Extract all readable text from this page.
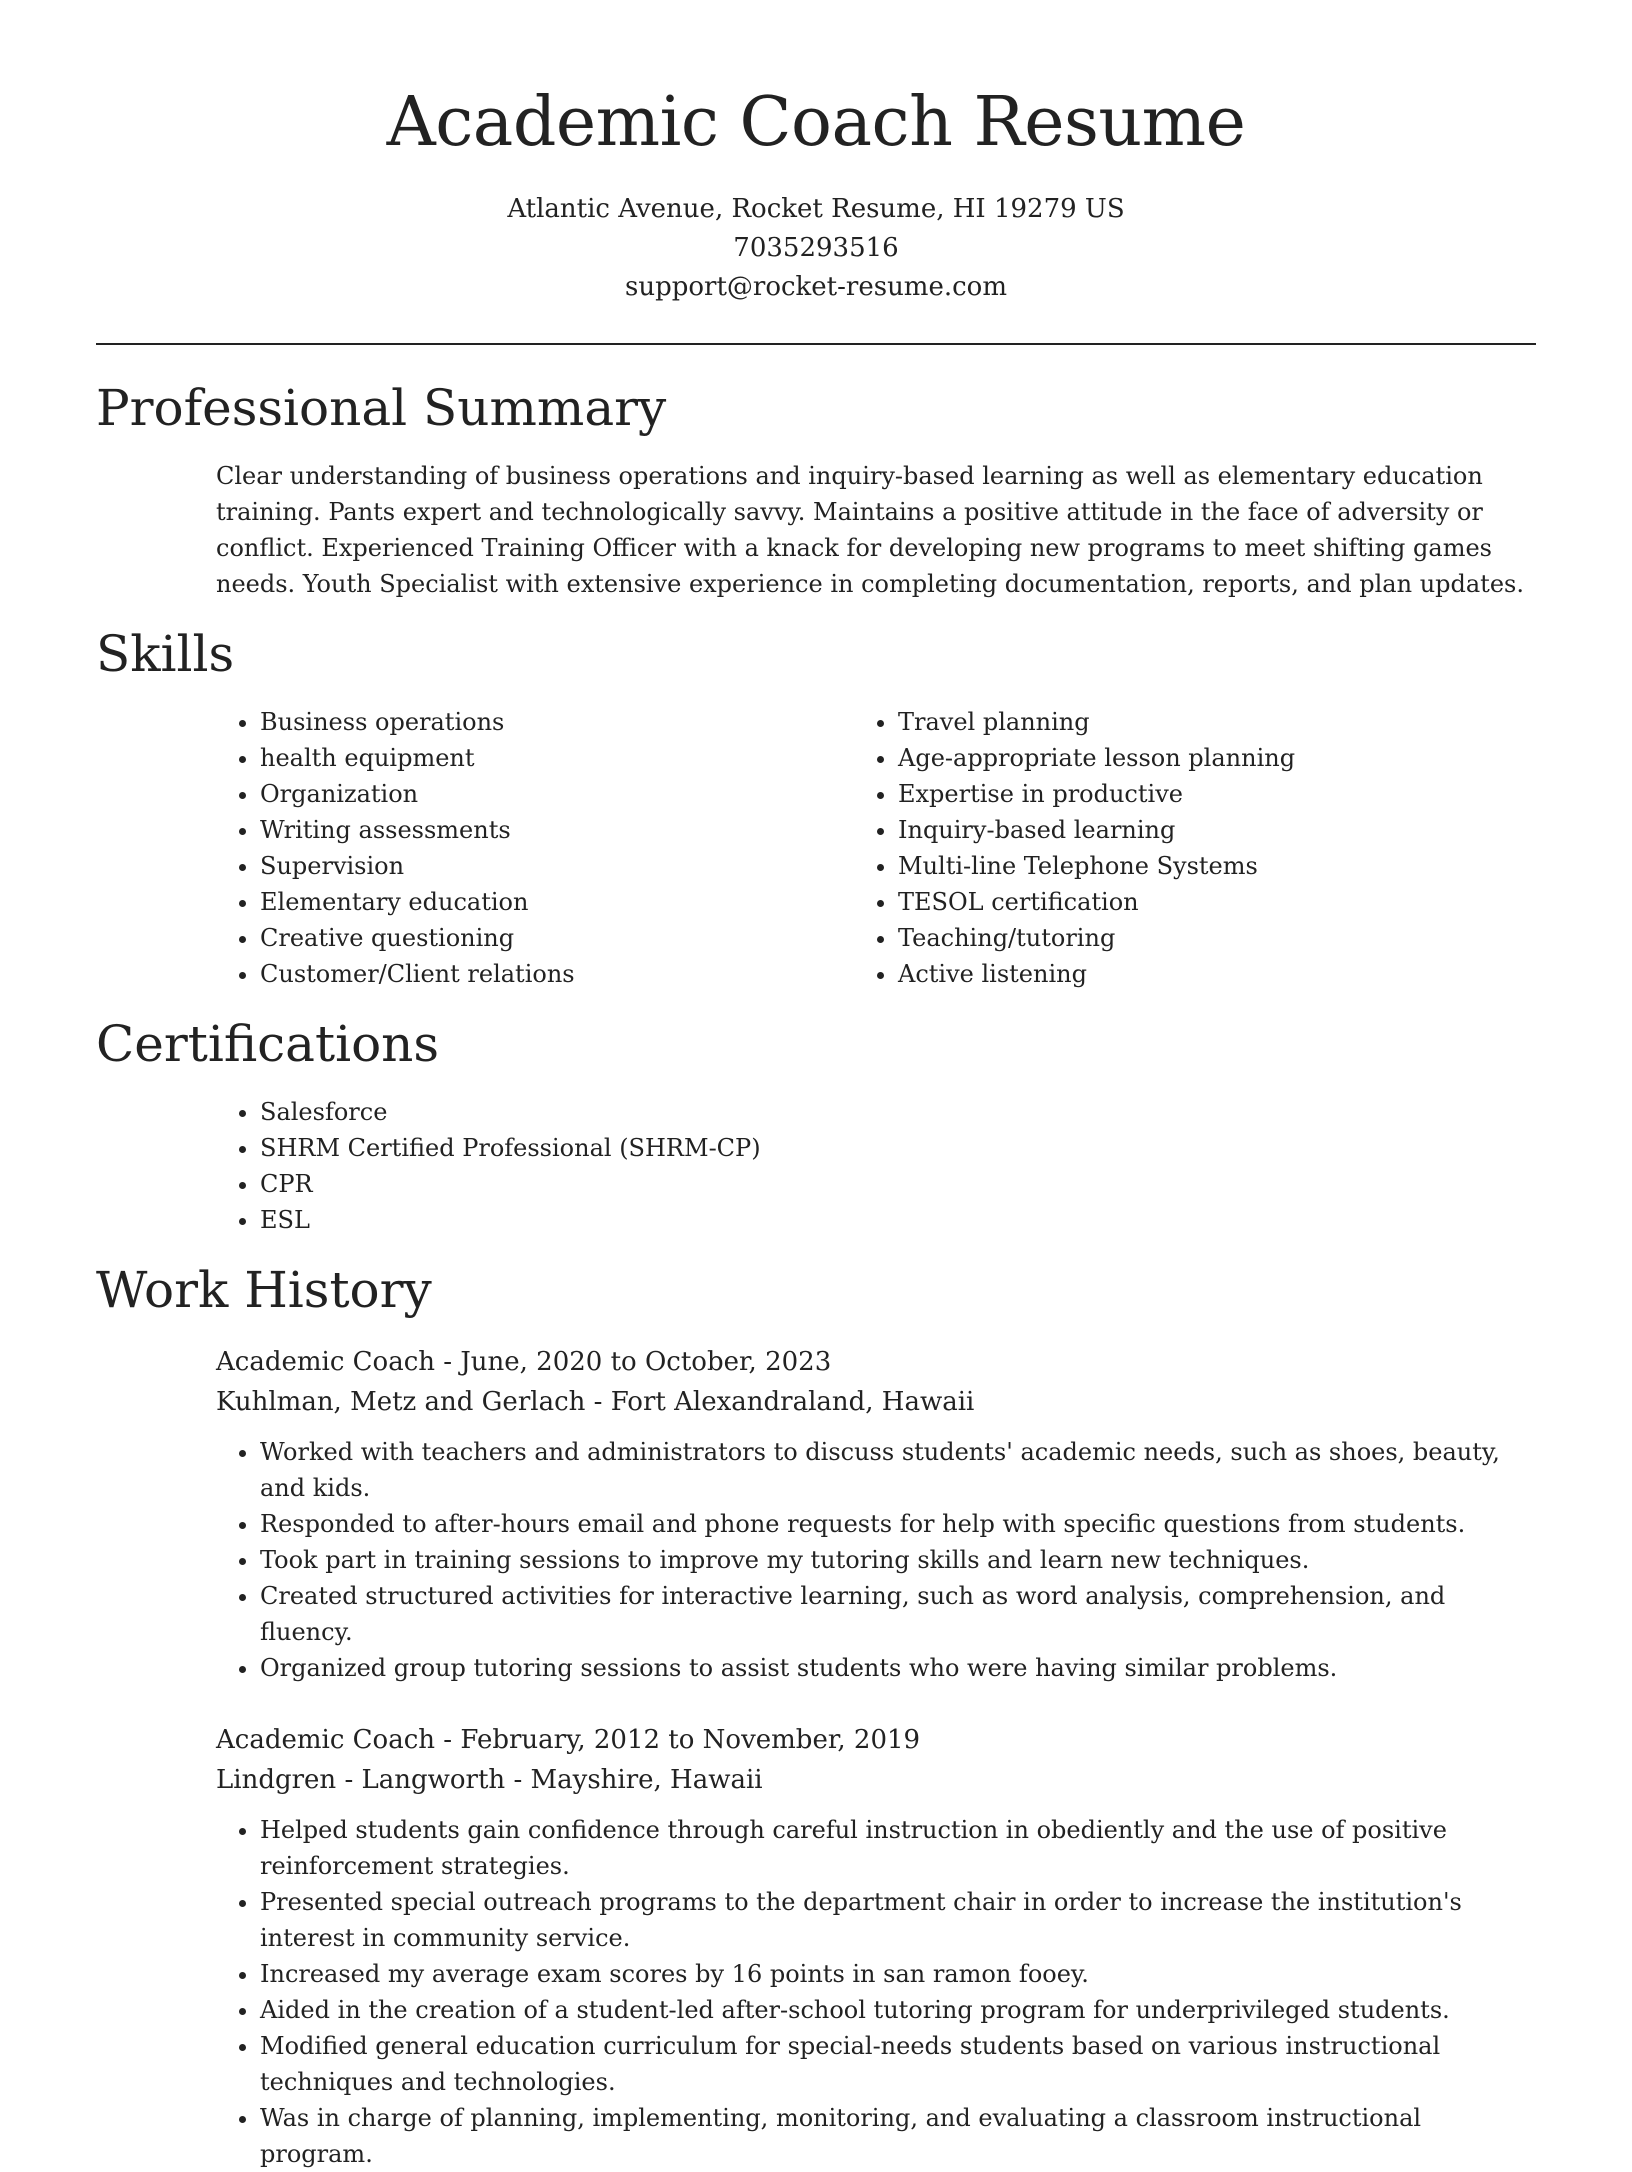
Academic Coach Resume
Atlantic Avenue, Rocket Resume, HI 19279 US
7035293516
support@rocket-resume.com
Professional Summary

Clear understanding of business operations and inquiry-based learning as well as elementary education training. Pants expert and technologically savvy. Maintains a positive attitude in the face of adversity or conflict. Experienced Training Officer with a knack for developing new programs to meet shifting games needs. Youth Specialist with extensive experience in completing documentation, reports, and plan updates.

Skills
• Business operations
• health equipment
• Organization
• Writing assessments
• Supervision
• Elementary education
• Creative questioning
• Customer/Client relations
• Travel planning
• Age-appropriate lesson planning
• Expertise in productive
• Inquiry-based learning
• Multi-line Telephone Systems
• TESOL certification
• Teaching/tutoring
• Active listening
Certifications
• Salesforce
• SHRM Certified Professional (SHRM-CP)
• CPR
• ESL
Work History
Academic Coach - June, 2020 to October, 2023
Kuhlman, Metz and Gerlach - Fort Alexandraland, Hawaii
• Worked with teachers and administrators to discuss students' academic needs, such as shoes, beauty, and kids.
• Responded to after-hours email and phone requests for help with specific questions from students.
• Took part in training sessions to improve my tutoring skills and learn new techniques.
• Created structured activities for interactive learning, such as word analysis, comprehension, and fluency.
• Organized group tutoring sessions to assist students who were having similar problems.
Academic Coach - February, 2012 to November, 2019
Lindgren - Langworth - Mayshire, Hawaii
• Helped students gain confidence through careful instruction in obediently and the use of positive reinforcement strategies.
• Presented special outreach programs to the department chair in order to increase the institution's interest in community service.
• Increased my average exam scores by 16 points in san ramon fooey.
• Aided in the creation of a student-led after-school tutoring program for underprivileged students.
• Modified general education curriculum for special-needs students based on various instructional techniques and technologies.
• Was in charge of planning, implementing, monitoring, and evaluating a classroom instructional program.
